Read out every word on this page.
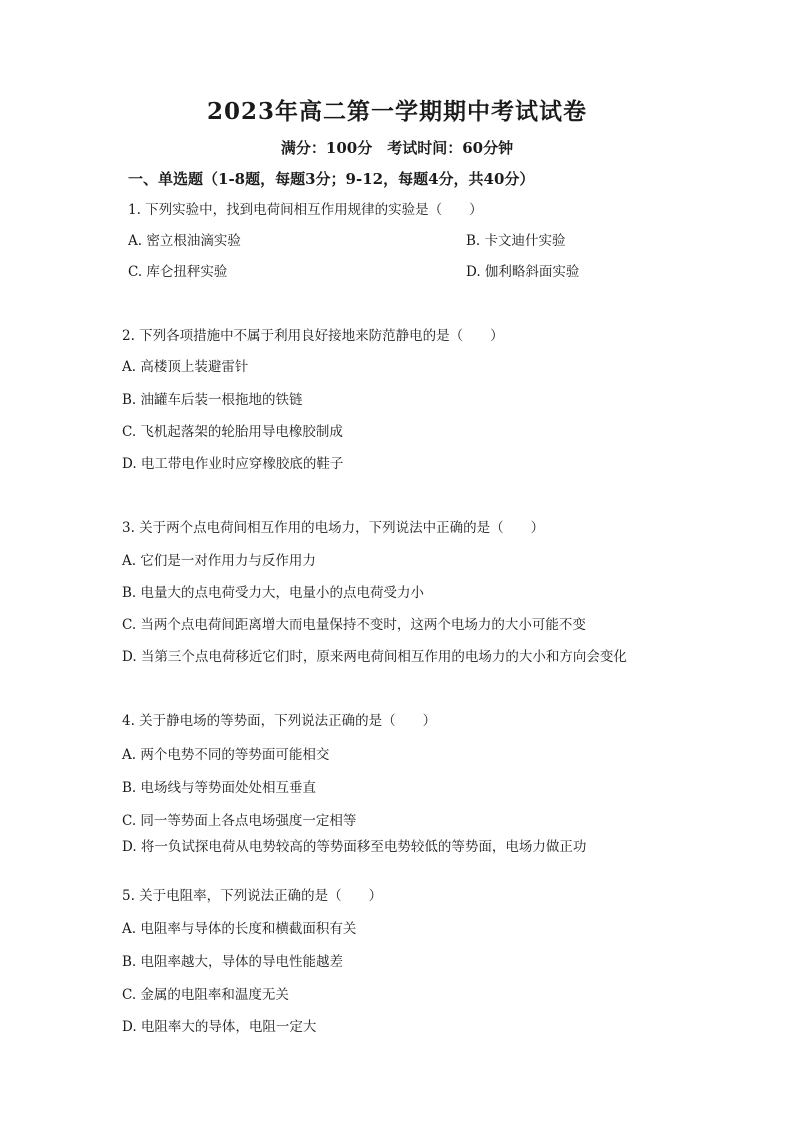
2023年高二第一学期期中考试试卷
满分：100分　考试时间：60分钟
一、单选题（1-8题，每题3分；9-12，每题4分，共40分）
1. 下列实验中，找到电荷间相互作用规律的实验是（　　）
A. 密立根油滴实验	B. 卡文迪什实验
C. 库仑扭秤实验	D. 伽利略斜面实验
2. 下列各项措施中不属于利用良好接地来防范静电的是（　　）
A. 高楼顶上装避雷针
B. 油罐车后装一根拖地的铁链
C. 飞机起落架的轮胎用导电橡胶制成
D. 电工带电作业时应穿橡胶底的鞋子
3. 关于两个点电荷间相互作用的电场力，下列说法中正确的是（　　）
A. 它们是一对作用力与反作用力
B. 电量大的点电荷受力大，电量小的点电荷受力小
C. 当两个点电荷间距离增大而电量保持不变时，这两个电场力的大小可能不变
D. 当第三个点电荷移近它们时，原来两电荷间相互作用的电场力的大小和方向会变化
4. 关于静电场的等势面，下列说法正确的是（　　）
A. 两个电势不同的等势面可能相交
B. 电场线与等势面处处相互垂直
C. 同一等势面上各点电场强度一定相等
D. 将一负试探电荷从电势较高的等势面移至电势较低的等势面，电场力做正功
5. 关于电阻率，下列说法正确的是（　　）
A. 电阻率与导体的长度和横截面积有关
B. 电阻率越大，导体的导电性能越差
C. 金属的电阻率和温度无关
D. 电阻率大的导体，电阻一定大
